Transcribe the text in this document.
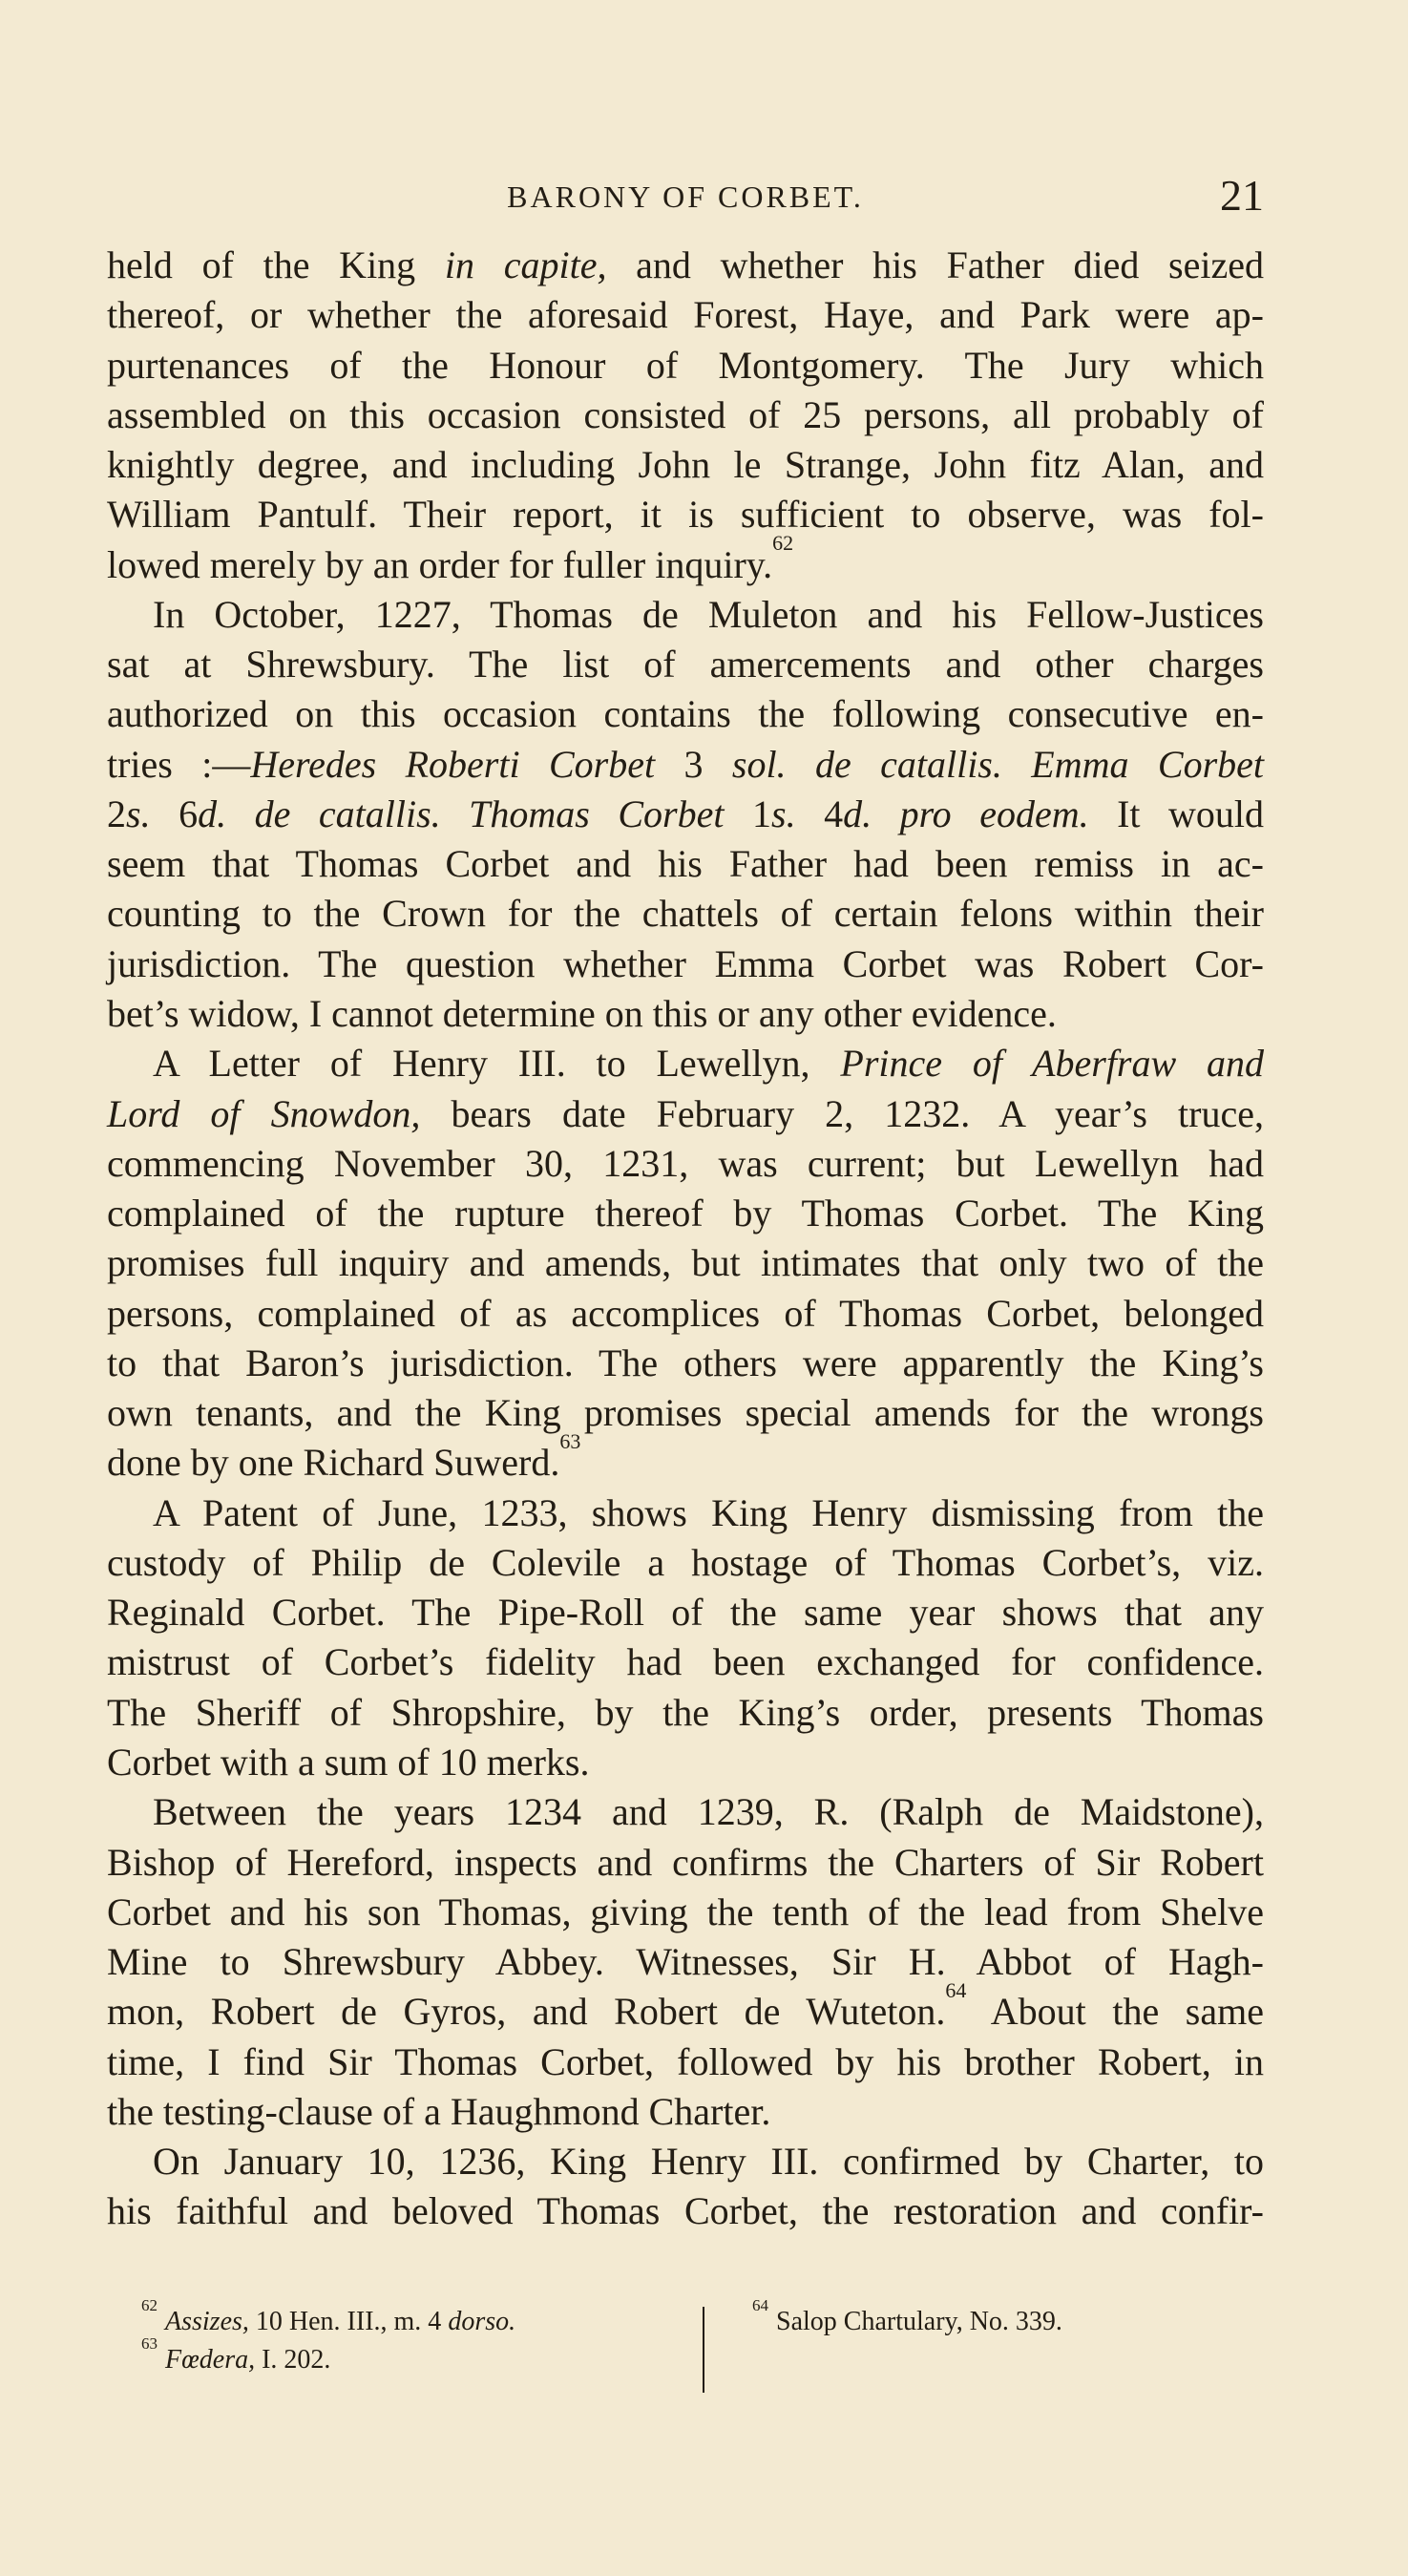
BARONY OF CORBET.	21
held of the King in capite, and whether his Father died seized
thereof, or whether the aforesaid Forest, Haye, and Park were ap-
purtenances of the Honour of Montgomery. The Jury which
assembled on this occasion consisted of 25 persons, all probably of
knightly degree, and including John le Strange, John fitz Alan, and
William Pantulf. Their report, it is sufficient to observe, was fol-
lowed merely by an order for fuller inquiry.$^{62}$
In October, 1227, Thomas de Muleton and his Fellow-Justices
sat at Shrewsbury. The list of amercements and other charges
authorized on this occasion contains the following consecutive en-
tries :—Heredes Roberti Corbet 3 sol. de catallis. Emma Corbet
2s. 6d. de catallis. Thomas Corbet 1s. 4d. pro eodem. It would
seem that Thomas Corbet and his Father had been remiss in ac-
counting to the Crown for the chattels of certain felons within their
jurisdiction. The question whether Emma Corbet was Robert Cor-
bet’s widow, I cannot determine on this or any other evidence.
A Letter of Henry III. to Lewellyn, Prince of Aberfraw and
Lord of Snowdon, bears date February 2, 1232. A year’s truce,
commencing November 30, 1231, was current; but Lewellyn had
complained of the rupture thereof by Thomas Corbet. The King
promises full inquiry and amends, but intimates that only two of the
persons, complained of as accomplices of Thomas Corbet, belonged
to that Baron’s jurisdiction. The others were apparently the King’s
own tenants, and the King promises special amends for the wrongs
done by one Richard Suwerd.$^{63}$
A Patent of June, 1233, shows King Henry dismissing from the
custody of Philip de Colevile a hostage of Thomas Corbet’s, viz.
Reginald Corbet. The Pipe-Roll of the same year shows that any
mistrust of Corbet’s fidelity had been exchanged for confidence.
The Sheriff of Shropshire, by the King’s order, presents Thomas
Corbet with a sum of 10 merks.
Between the years 1234 and 1239, R. (Ralph de Maidstone),
Bishop of Hereford, inspects and confirms the Charters of Sir Robert
Corbet and his son Thomas, giving the tenth of the lead from Shelve
Mine to Shrewsbury Abbey. Witnesses, Sir H. Abbot of Hagh-
mon, Robert de Gyros, and Robert de Wuteton.$^{64}$ About the same
time, I find Sir Thomas Corbet, followed by his brother Robert, in
the testing-clause of a Haughmond Charter.
On January 10, 1236, King Henry III. confirmed by Charter, to
his faithful and beloved Thomas Corbet, the restoration and confir-
$^{62}$Assizes, 10 Hen. III., m. 4 dorso.
$^{63}$Fœdera, I. 202.
$^{64}$Salop Chartulary, No. 339.
